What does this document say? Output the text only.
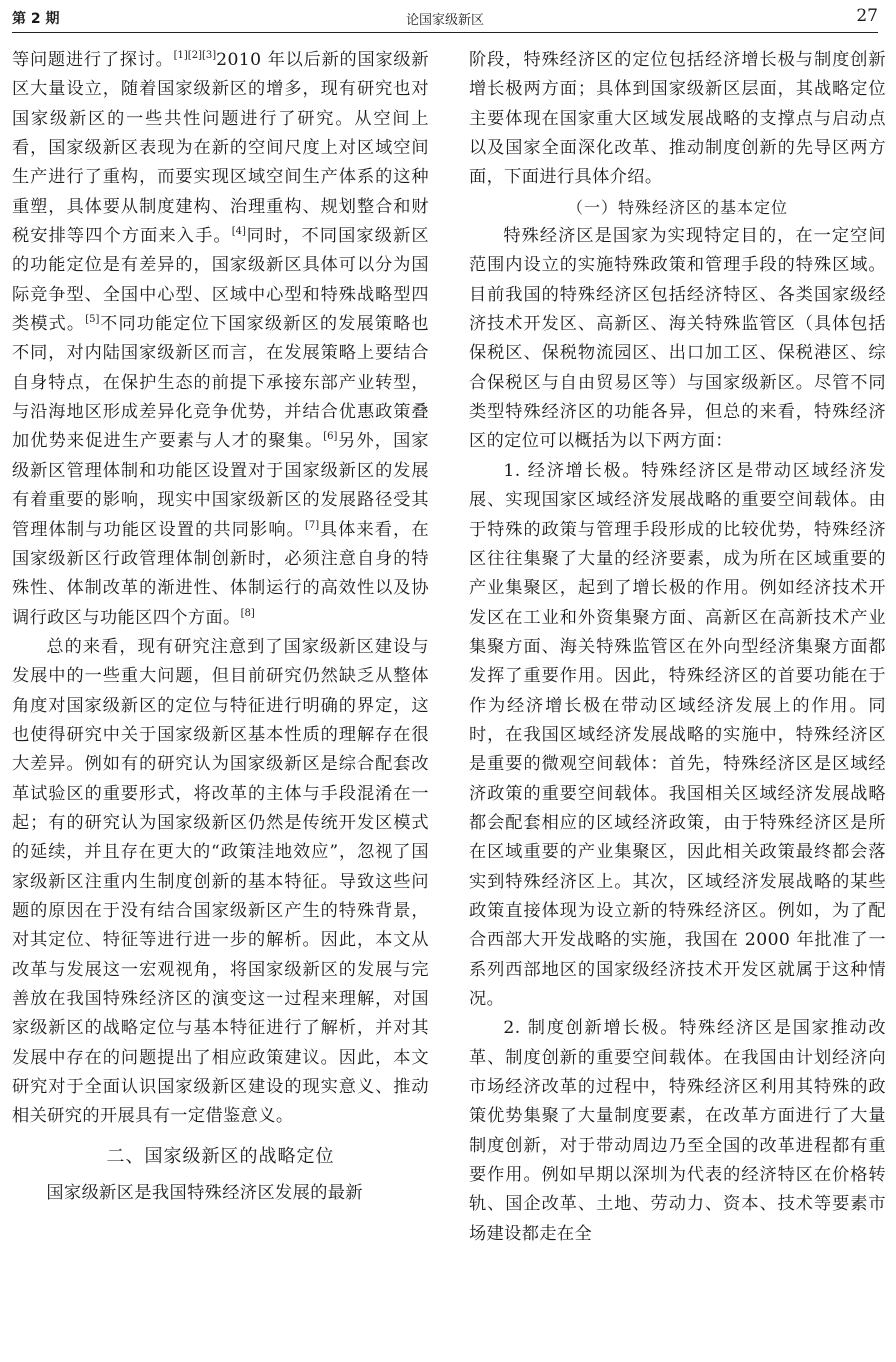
第 2 期	论国家级新区	27

等问题进行了探讨。[1][2][3]2010 年以后新的国家级新区大量设立，随着国家级新区的增多，现有研究也对国家级新区的一些共性问题进行了研究。从空间上看，国家级新区表现为在新的空间尺度上对区域空间生产进行了重构，而要实现区域空间生产体系的这种重塑，具体要从制度建构、治理重构、规划整合和财税安排等四个方面来入手。[4]同时，不同国家级新区的功能定位是有差异的，国家级新区具体可以分为国际竞争型、全国中心型、区域中心型和特殊战略型四类模式。[5]不同功能定位下国家级新区的发展策略也不同，对内陆国家级新区而言，在发展策略上要结合自身特点，在保护生态的前提下承接东部产业转型，与沿海地区形成差异化竞争优势，并结合优惠政策叠加优势来促进生产要素与人才的聚集。[6]另外，国家级新区管理体制和功能区设置对于国家级新区的发展有着重要的影响，现实中国家级新区的发展路径受其管理体制与功能区设置的共同影响。[7]具体来看，在国家级新区行政管理体制创新时，必须注意自身的特殊性、体制改革的渐进性、体制运行的高效性以及协调行政区与功能区四个方面。[8]

总的来看，现有研究注意到了国家级新区建设与发展中的一些重大问题，但目前研究仍然缺乏从整体角度对国家级新区的定位与特征进行明确的界定，这也使得研究中关于国家级新区基本性质的理解存在很大差异。例如有的研究认为国家级新区是综合配套改革试验区的重要形式，将改革的主体与手段混淆在一起；有的研究认为国家级新区仍然是传统开发区模式的延续，并且存在更大的“政策洼地效应”，忽视了国家级新区注重内生制度创新的基本特征。导致这些问题的原因在于没有结合国家级新区产生的特殊背景，对其定位、特征等进行进一步的解析。因此，本文从改革与发展这一宏观视角，将国家级新区的发展与完善放在我国特殊经济区的演变这一过程来理解，对国家级新区的战略定位与基本特征进行了解析，并对其发展中存在的问题提出了相应政策建议。因此，本文研究对于全面认识国家级新区建设的现实意义、推动相关研究的开展具有一定借鉴意义。

二、国家级新区的战略定位

国家级新区是我国特殊经济区发展的最新

阶段，特殊经济区的定位包括经济增长极与制度创新增长极两方面；具体到国家级新区层面，其战略定位主要体现在国家重大区域发展战略的支撑点与启动点以及国家全面深化改革、推动制度创新的先导区两方面，下面进行具体介绍。

（一）特殊经济区的基本定位

特殊经济区是国家为实现特定目的，在一定空间范围内设立的实施特殊政策和管理手段的特殊区域。目前我国的特殊经济区包括经济特区、各类国家级经济技术开发区、高新区、海关特殊监管区（具体包括保税区、保税物流园区、出口加工区、保税港区、综合保税区与自由贸易区等）与国家级新区。尽管不同类型特殊经济区的功能各异，但总的来看，特殊经济区的定位可以概括为以下两方面：

1. 经济增长极。特殊经济区是带动区域经济发展、实现国家区域经济发展战略的重要空间载体。由于特殊的政策与管理手段形成的比较优势，特殊经济区往往集聚了大量的经济要素，成为所在区域重要的产业集聚区，起到了增长极的作用。例如经济技术开发区在工业和外资集聚方面、高新区在高新技术产业集聚方面、海关特殊监管区在外向型经济集聚方面都发挥了重要作用。因此，特殊经济区的首要功能在于作为经济增长极在带动区域经济发展上的作用。同时，在我国区域经济发展战略的实施中，特殊经济区是重要的微观空间载体：首先，特殊经济区是区域经济政策的重要空间载体。我国相关区域经济发展战略都会配套相应的区域经济政策，由于特殊经济区是所在区域重要的产业集聚区，因此相关政策最终都会落实到特殊经济区上。其次，区域经济发展战略的某些政策直接体现为设立新的特殊经济区。例如，为了配合西部大开发战略的实施，我国在 2000 年批准了一系列西部地区的国家级经济技术开发区就属于这种情况。

2. 制度创新增长极。特殊经济区是国家推动改革、制度创新的重要空间载体。在我国由计划经济向市场经济改革的过程中，特殊经济区利用其特殊的政策优势集聚了大量制度要素，在改革方面进行了大量制度创新，对于带动周边乃至全国的改革进程都有重要作用。例如早期以深圳为代表的经济特区在价格转轨、国企改革、土地、劳动力、资本、技术等要素市场建设都走在全
